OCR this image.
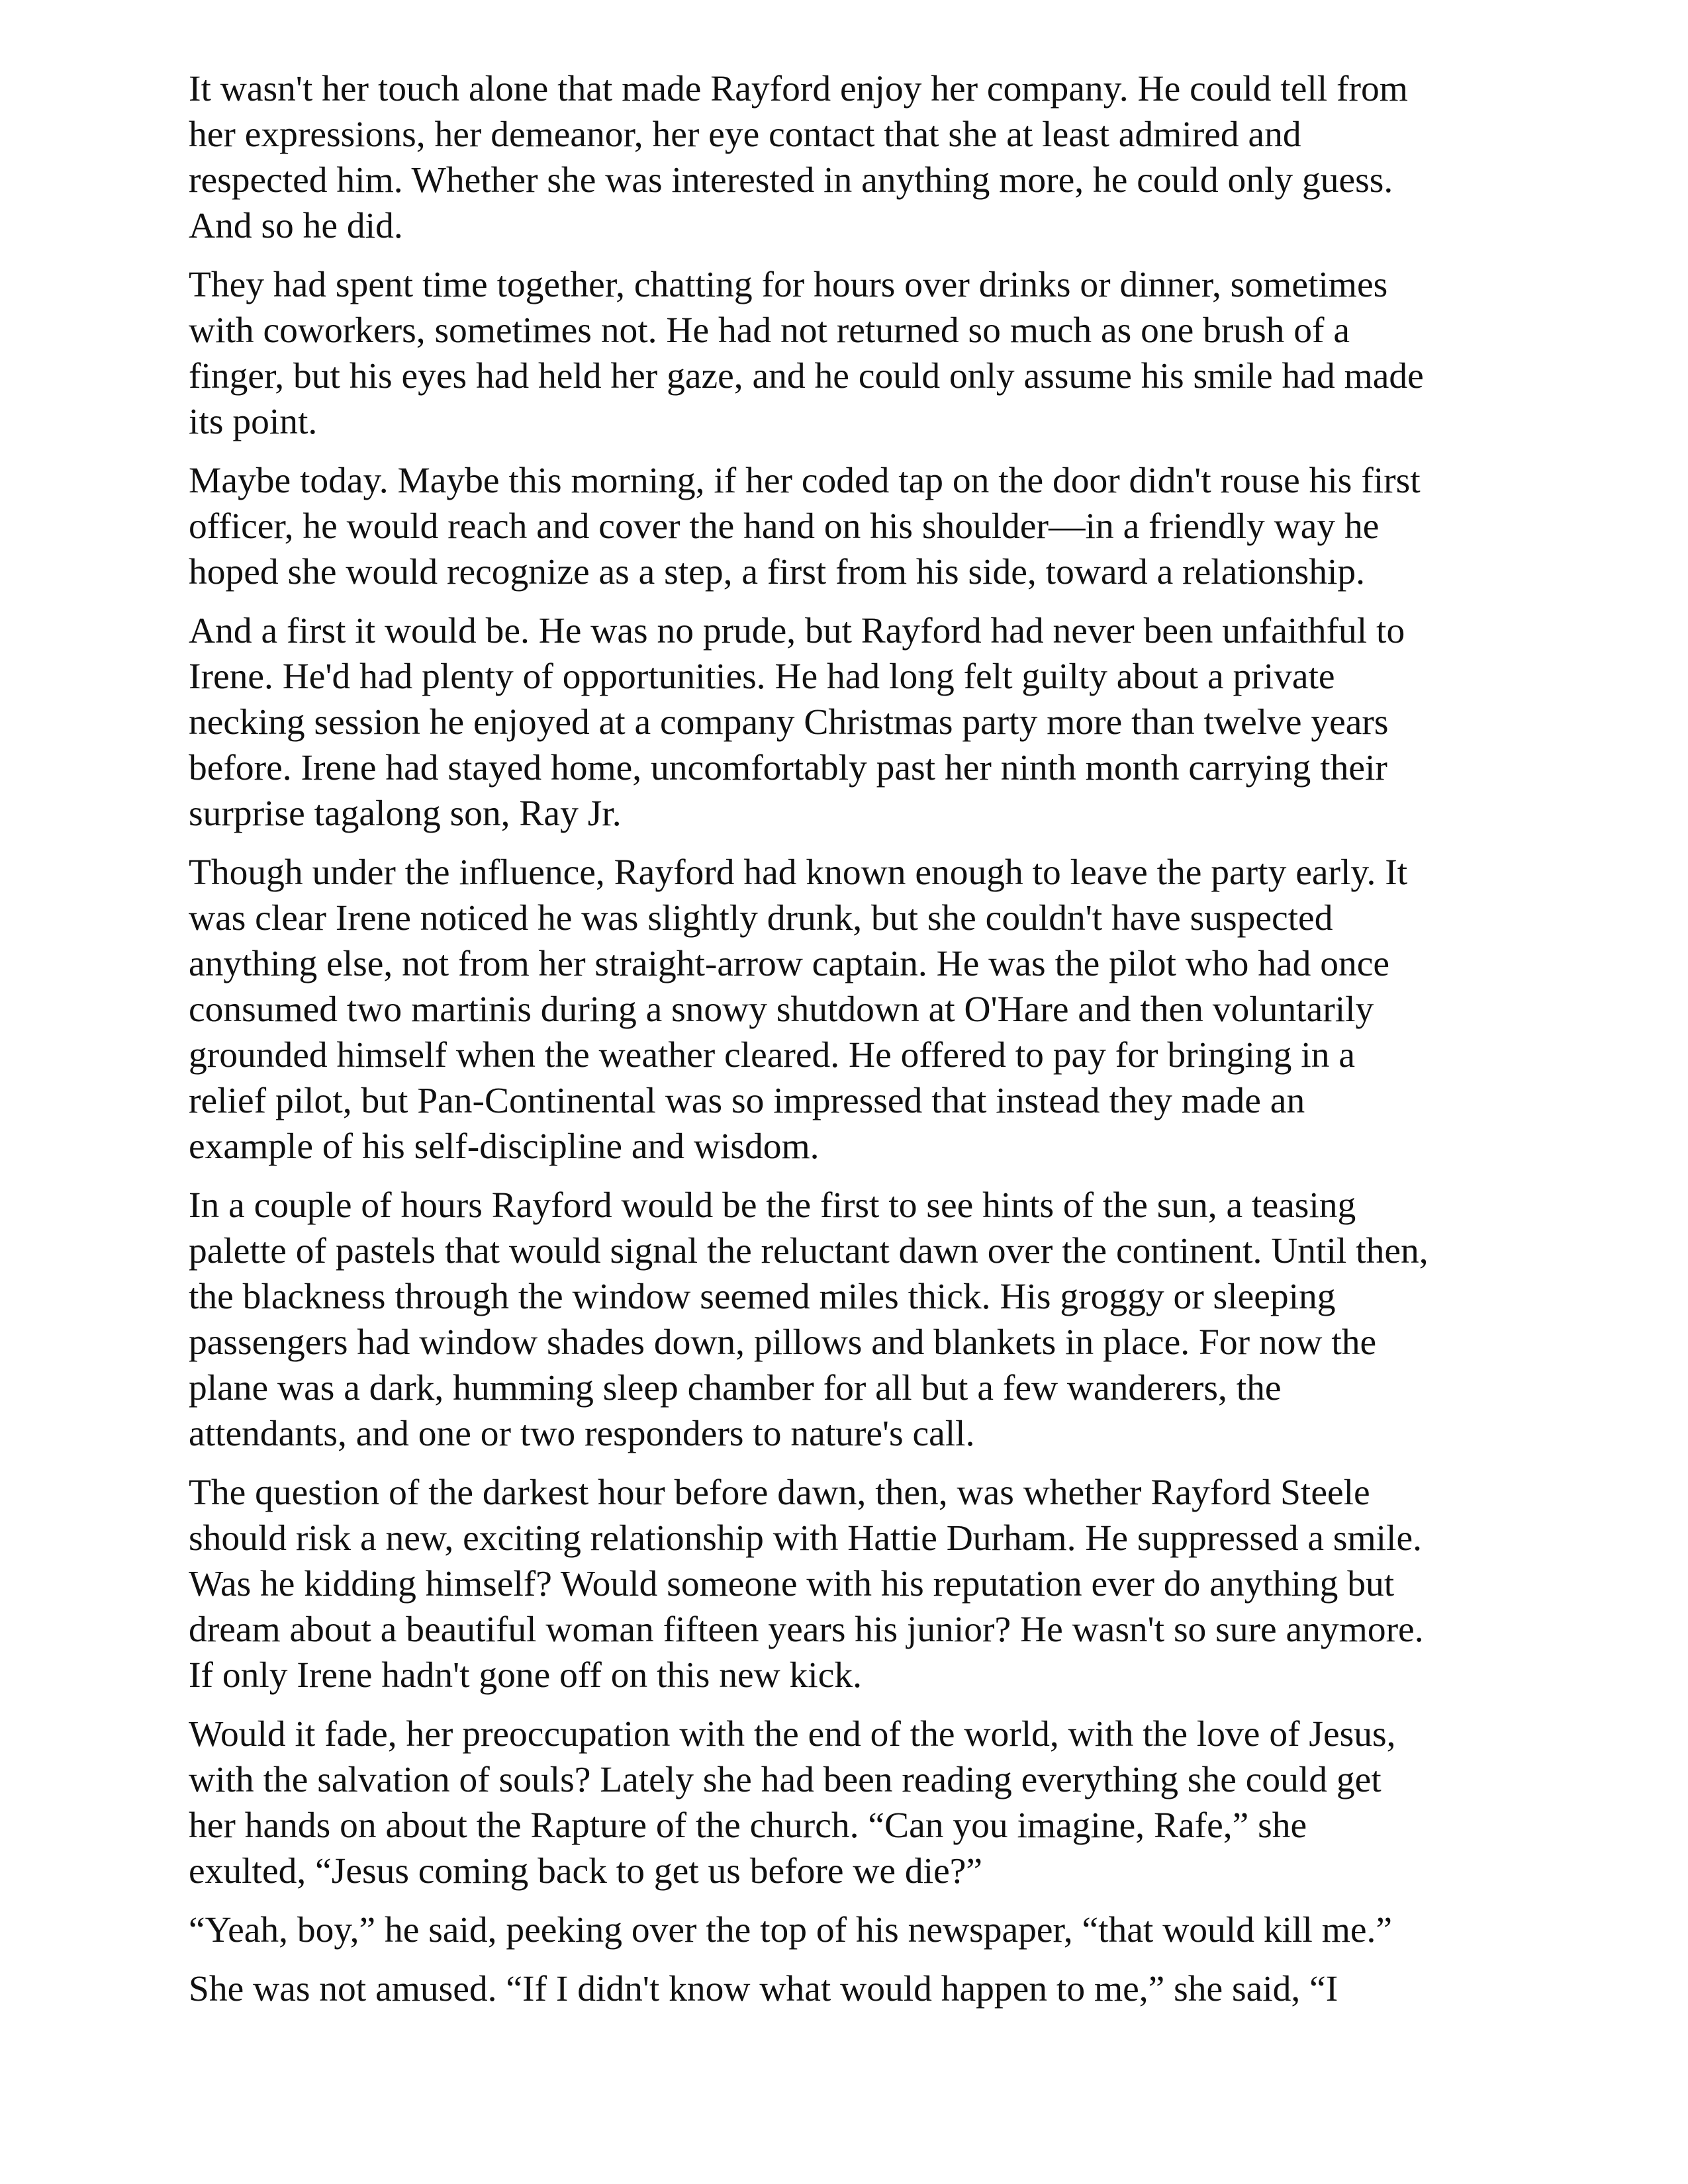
It wasn't her touch alone that made Rayford enjoy her company. He could tell from
her expressions, her demeanor, her eye contact that she at least admired and
respected him. Whether she was interested in anything more, he could only guess.
And so he did.

They had spent time together, chatting for hours over drinks or dinner, sometimes
with coworkers, sometimes not. He had not returned so much as one brush of a
finger, but his eyes had held her gaze, and he could only assume his smile had made
its point.

Maybe today. Maybe this morning, if her coded tap on the door didn't rouse his first
officer, he would reach and cover the hand on his shoulder—in a friendly way he
hoped she would recognize as a step, a first from his side, toward a relationship.

And a first it would be. He was no prude, but Rayford had never been unfaithful to
Irene. He'd had plenty of opportunities. He had long felt guilty about a private
necking session he enjoyed at a company Christmas party more than twelve years
before. Irene had stayed home, uncomfortably past her ninth month carrying their
surprise tagalong son, Ray Jr.

Though under the influence, Rayford had known enough to leave the party early. It
was clear Irene noticed he was slightly drunk, but she couldn't have suspected
anything else, not from her straight-arrow captain. He was the pilot who had once
consumed two martinis during a snowy shutdown at O'Hare and then voluntarily
grounded himself when the weather cleared. He offered to pay for bringing in a
relief pilot, but Pan-Continental was so impressed that instead they made an
example of his self-discipline and wisdom.

In a couple of hours Rayford would be the first to see hints of the sun, a teasing
palette of pastels that would signal the reluctant dawn over the continent. Until then,
the blackness through the window seemed miles thick. His groggy or sleeping
passengers had window shades down, pillows and blankets in place. For now the
plane was a dark, humming sleep chamber for all but a few wanderers, the
attendants, and one or two responders to nature's call.

The question of the darkest hour before dawn, then, was whether Rayford Steele
should risk a new, exciting relationship with Hattie Durham. He suppressed a smile.
Was he kidding himself? Would someone with his reputation ever do anything but
dream about a beautiful woman fifteen years his junior? He wasn't so sure anymore.
If only Irene hadn't gone off on this new kick.

Would it fade, her preoccupation with the end of the world, with the love of Jesus,
with the salvation of souls? Lately she had been reading everything she could get
her hands on about the Rapture of the church. “Can you imagine, Rafe,” she
exulted, “Jesus coming back to get us before we die?”

“Yeah, boy,” he said, peeking over the top of his newspaper, “that would kill me.”

She was not amused. “If I didn't know what would happen to me,” she said, “I
